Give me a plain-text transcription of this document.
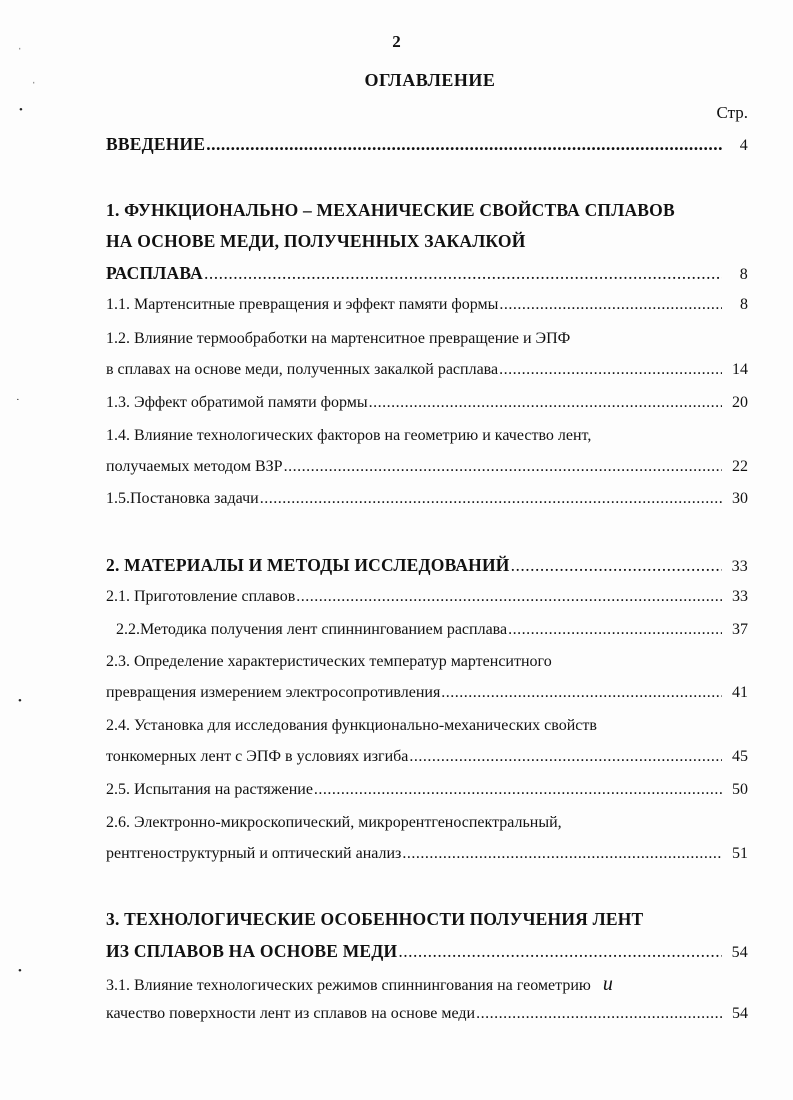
2
ОГЛАВЛЕНИЕ
Стр.
ВВЕДЕНИЕ .....	4
1. ФУНКЦИОНАЛЬНО – МЕХАНИЧЕСКИЕ СВОЙСТВА СПЛАВОВ
НА ОСНОВЕ МЕДИ, ПОЛУЧЕННЫХ ЗАКАЛКОЙ
РАСПЛАВА .....	8
1.1. Мартенситные превращения и эффект памяти формы .....	8
1.2. Влияние термообработки на мартенситное превращение и ЭПФ
в сплавах на основе меди, полученных закалкой расплава .....	14
1.3. Эффект обратимой памяти формы .....	20
1.4. Влияние технологических факторов на геометрию и качество лент,
получаемых методом ВЗР .....	22
1.5.Постановка задачи .....	30
2. МАТЕРИАЛЫ И МЕТОДЫ ИССЛЕДОВАНИЙ .....	33
2.1. Приготовление сплавов .....	33
2.2.Методика получения лент спиннингованием расплава .....	37
2.3. Определение характеристических температур мартенситного
превращения измерением электросопротивления .....	41
2.4. Установка для исследования функционально-механических свойств
тонкомерных лент с ЭПФ в условиях изгиба .....	45
2.5. Испытания на растяжение .....	50
2.6. Электронно-микроскопический, микрорентгеноспектральный,
рентгеноструктурный и оптический анализ .....	51
3. ТЕХНОЛОГИЧЕСКИЕ ОСОБЕННОСТИ ПОЛУЧЕНИЯ ЛЕНТ
ИЗ СПЛАВОВ НА ОСНОВЕ МЕДИ .....	54
3.1. Влияние технологических режимов спиннингования на геометрию и
качество поверхности лент из сплавов на основе меди .....	54
ˌ
ˈ
•
·
•
•
